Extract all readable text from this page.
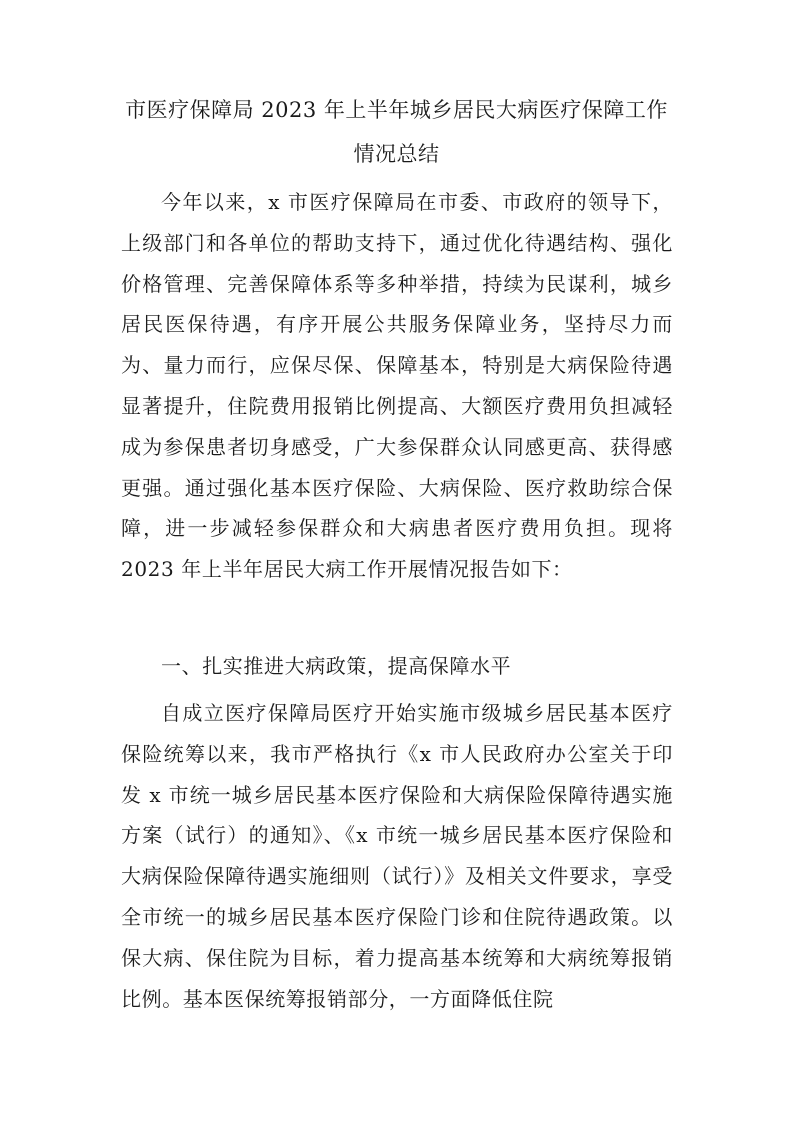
市医疗保障局 2023 年上半年城乡居民大病医疗保障工作
情况总结
今年以来，x 市医疗保障局在市委、市政府的领导下，上级部门和各单位的帮助支持下，通过优化待遇结构、强化价格管理、完善保障体系等多种举措，持续为民谋利，城乡居民医保待遇，有序开展公共服务保障业务，坚持尽力而为、量力而行，应保尽保、保障基本，特别是大病保险待遇显著提升，住院费用报销比例提高、大额医疗费用负担减轻成为参保患者切身感受，广大参保群众认同感更高、获得感更强。通过强化基本医疗保险、大病保险、医疗救助综合保障，进一步减轻参保群众和大病患者医疗费用负担。现将 2023 年上半年居民大病工作开展情况报告如下：
一、扎实推进大病政策，提高保障水平
自成立医疗保障局医疗开始实施市级城乡居民基本医疗保险统筹以来，我市严格执行《x 市人民政府办公室关于印发 x 市统一城乡居民基本医疗保险和大病保险保障待遇实施方案（试行）的通知》、《x 市统一城乡居民基本医疗保险和大病保险保障待遇实施细则（试行）》及相关文件要求，享受全市统一的城乡居民基本医疗保险门诊和住院待遇政策。以保大病、保住院为目标，着力提高基本统筹和大病统筹报销比例。基本医保统筹报销部分，一方面降低住院
